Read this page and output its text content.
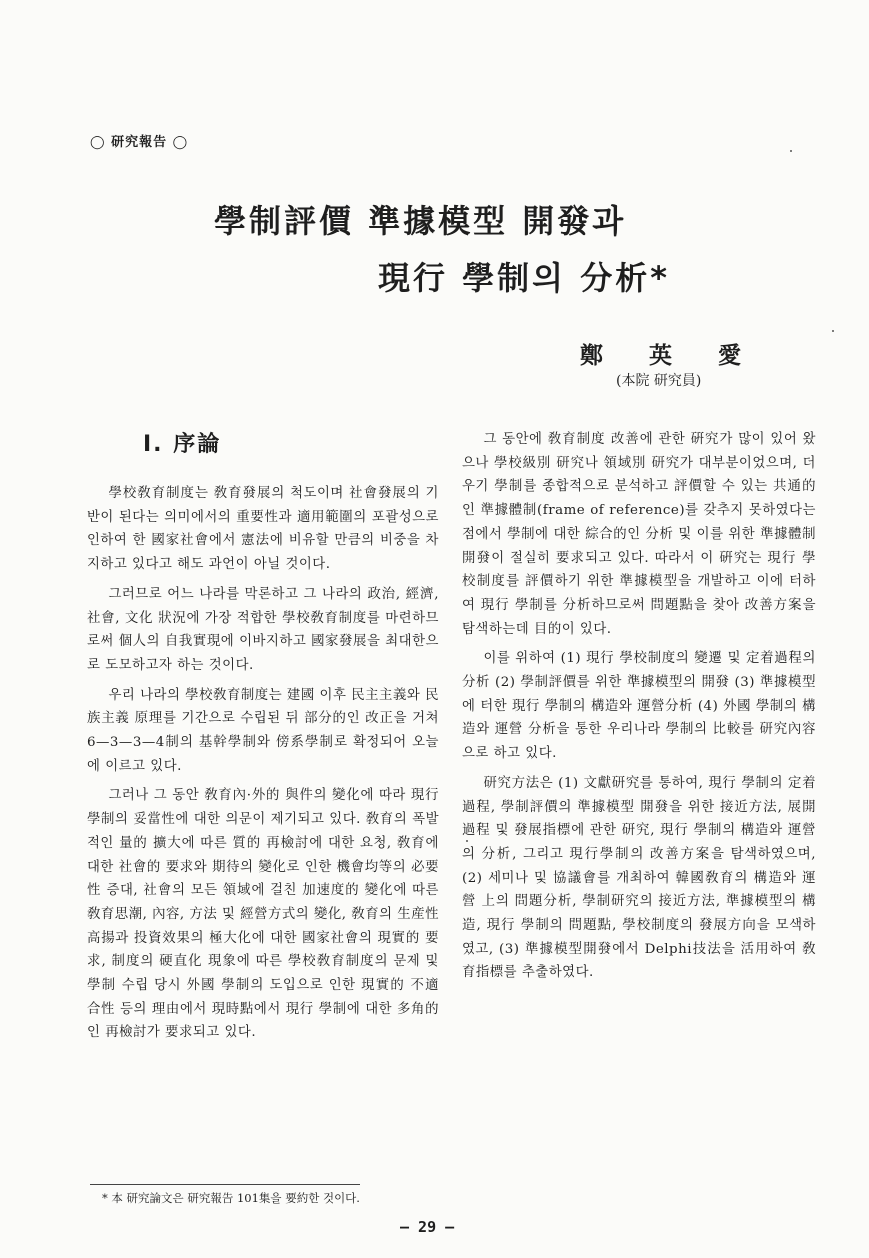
◯ 研究報告 ◯
學制評價 準據模型 開發과
現行 學制의 分析*
鄭　　英　　愛
(本院 研究員)
Ⅰ. 序論

學校敎育制度는 敎育發展의 척도이며 社會發展의 기반이 된다는 의미에서의 重要性과 適用範圍의 포괄성으로 인하여 한 國家社會에서 憲法에 비유할 만큼의 비중을 차지하고 있다고 해도 과언이 아닐 것이다.

그러므로 어느 나라를 막론하고 그 나라의 政治, 經濟, 社會, 文化 狀況에 가장 적합한 學校敎育制度를 마련하므로써 個人의 自我實現에 이바지하고 國家發展을 최대한으로 도모하고자 하는 것이다.

우리 나라의 學校敎育制度는 建國 이후 民主主義와 民族主義 原理를 기간으로 수립된 뒤 部分的인 改正을 거쳐 6—3—3—4制의 基幹學制와 傍系學制로 확정되어 오늘에 이르고 있다.

그러나 그 동안 敎育內·外的 與件의 變化에 따라 現行 學制의 妥當性에 대한 의문이 제기되고 있다. 敎育의 폭발적인 量的 擴大에 따른 質的 再檢討에 대한 요청, 敎育에 대한 社會的 要求와 期待의 變化로 인한 機會均等의 必要性 증대, 社會의 모든 領域에 걸친 加速度的 變化에 따른 敎育思潮, 內容, 方法 및 經營方式의 變化, 敎育의 生産性 高揚과 投資效果의 極大化에 대한 國家社會의 現實的 要求, 制度의 硬直化 現象에 따른 學校敎育制度의 문제 및 學制 수립 당시 外國 學制의 도입으로 인한 現實的 不適合性 등의 理由에서 現時點에서 現行 學制에 대한 多角的인 再檢討가 要求되고 있다.

그 동안에 敎育制度 改善에 관한 硏究가 많이 있어 왔으나 學校級別 研究나 領域別 研究가 대부분이었으며, 더우기 學制를 종합적으로 분석하고 評價할 수 있는 共通的인 準據體制(frame of reference)를 갖추지 못하였다는 점에서 學制에 대한 綜合的인 分析 및 이를 위한 準據體制開發이 절실히 要求되고 있다. 따라서 이 硏究는 現行 學校制度를 評價하기 위한 準據模型을 개발하고 이에 터하여 現行 學制를 分析하므로써 問題點을 찾아 改善方案을 탐색하는데 目的이 있다.

이를 위하여 (1) 現行 學校制度의 變遷 및 定着過程의 分析 (2) 學制評價를 위한 準據模型의 開發 (3) 準據模型에 터한 現行 學制의 構造와 運營分析 (4) 外國 學制의 構造와 運營 分析을 통한 우리나라 學制의 比較를 研究內容으로 하고 있다.

研究方法은 (1) 文獻研究를 통하여, 現行 學制의 定着過程, 學制評價의 準據模型 開發을 위한 接近方法, 展開過程 및 發展指標에 관한 研究, 現行 學制의 構造와 運營의 分析, 그리고 現行學制의 改善方案을 탐색하였으며, (2) 세미나 및 協議會를 개최하여 韓國敎育의 構造와 運營 上의 問題分析, 學制研究의 接近方法, 準據模型의 構造, 現行 學制의 問題點, 學校制度의 發展方向을 모색하였고, (3) 準據模型開發에서 Delphi技法을 活用하여 敎育指標를 추출하였다.

* 本 研究論文은 研究報告 101集을 要約한 것이다.
— 29 —
